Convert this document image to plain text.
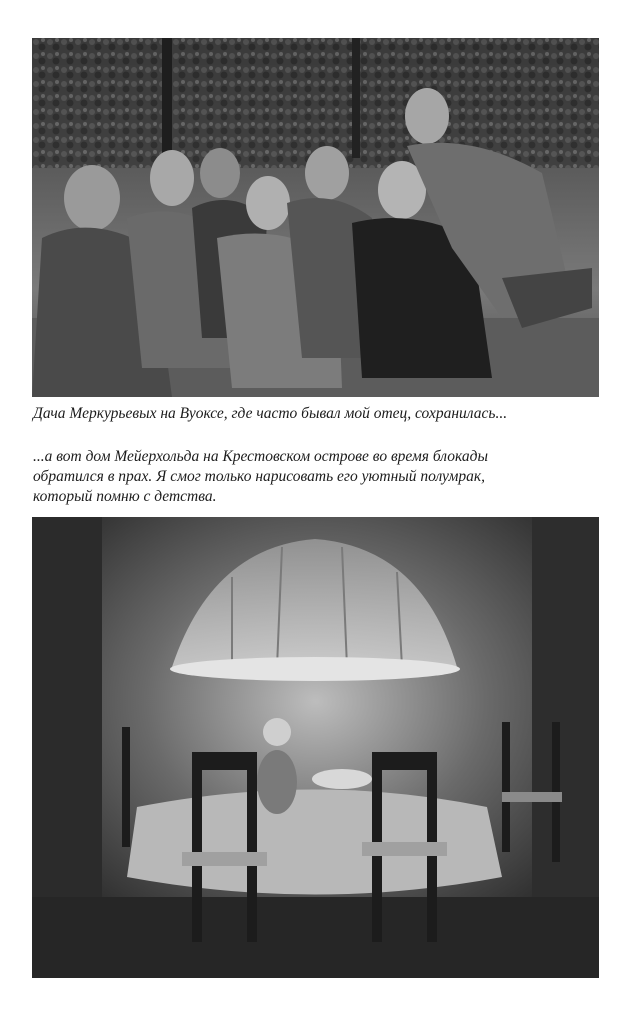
Дача Меркурьевых на Вуоксе, где часто бывал мой отец, сохранилась...
...а вот дом Мейерхольда на Крестовском острове во время блокады
обратился в прах. Я смог только нарисовать его уютный полумрак,
который помню с детства.
